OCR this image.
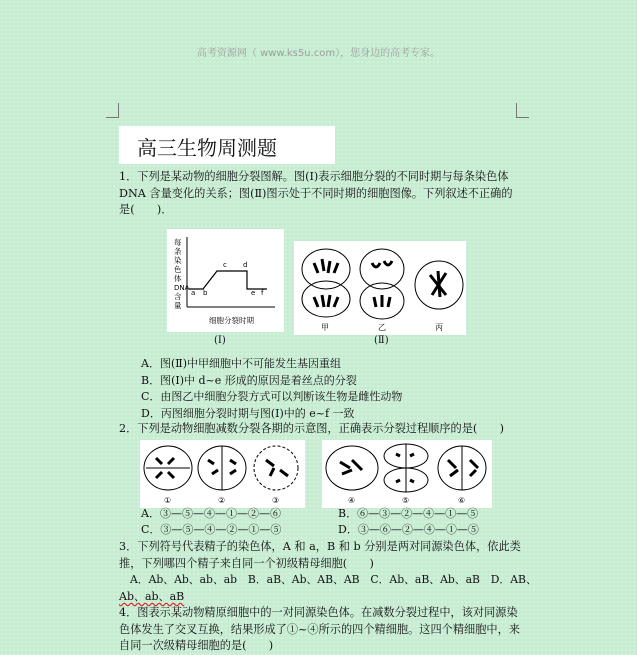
高考资源网（ www.ks5u.com），您身边的高考专家。
高三生物周测题
1．下列是某动物的细胞分裂图解。图(Ⅰ)表示细胞分裂的不同时期与每条染色体 DNA 含量变化的关系；图(Ⅱ)图示处于不同时期的细胞图像。下列叙述不正确的是(　　)．
每
条
染
色
体
DNA
含
量
a b
c d
e f
细胞分裂时期
(Ⅰ)
甲	乙	丙
(Ⅱ)
A．图(Ⅱ)中甲细胞中不可能发生基因重组
B．图(Ⅰ)中 d~e 形成的原因是着丝点的分裂
C．由图乙中细胞分裂方式可以判断该生物是雌性动物
D．丙图细胞分裂时期与图(Ⅰ)中的 e~f 一致
2．下列是动物细胞减数分裂各期的示意图，正确表示分裂过程顺序的是(　　)
①	②	③	④	⑤	⑥
A．③—⑤—④—①—②—⑥	B．⑥—③—②—④—①—⑤
C．③—⑤—④—②—①—⑤	D．③—⑥—②—④—①—⑤
3．下列符号代表精子的染色体，A 和 a，B 和 b 分别是两对同源染色体，依此类推，下列哪四个精子来自同一个初级精母细胞(　　)
A．Ab、Ab、ab、ab　B．aB、Ab、AB、AB　C．Ab、aB、Ab、aB　D．AB、
Ab、ab、aB
4．图表示某动物精原细胞中的一对同源染色体。在减数分裂过程中，该对同源染色体发生了交叉互换，结果形成了①~④所示的四个精细胞。这四个精细胞中，来自同一次级精母细胞的是(　　)
